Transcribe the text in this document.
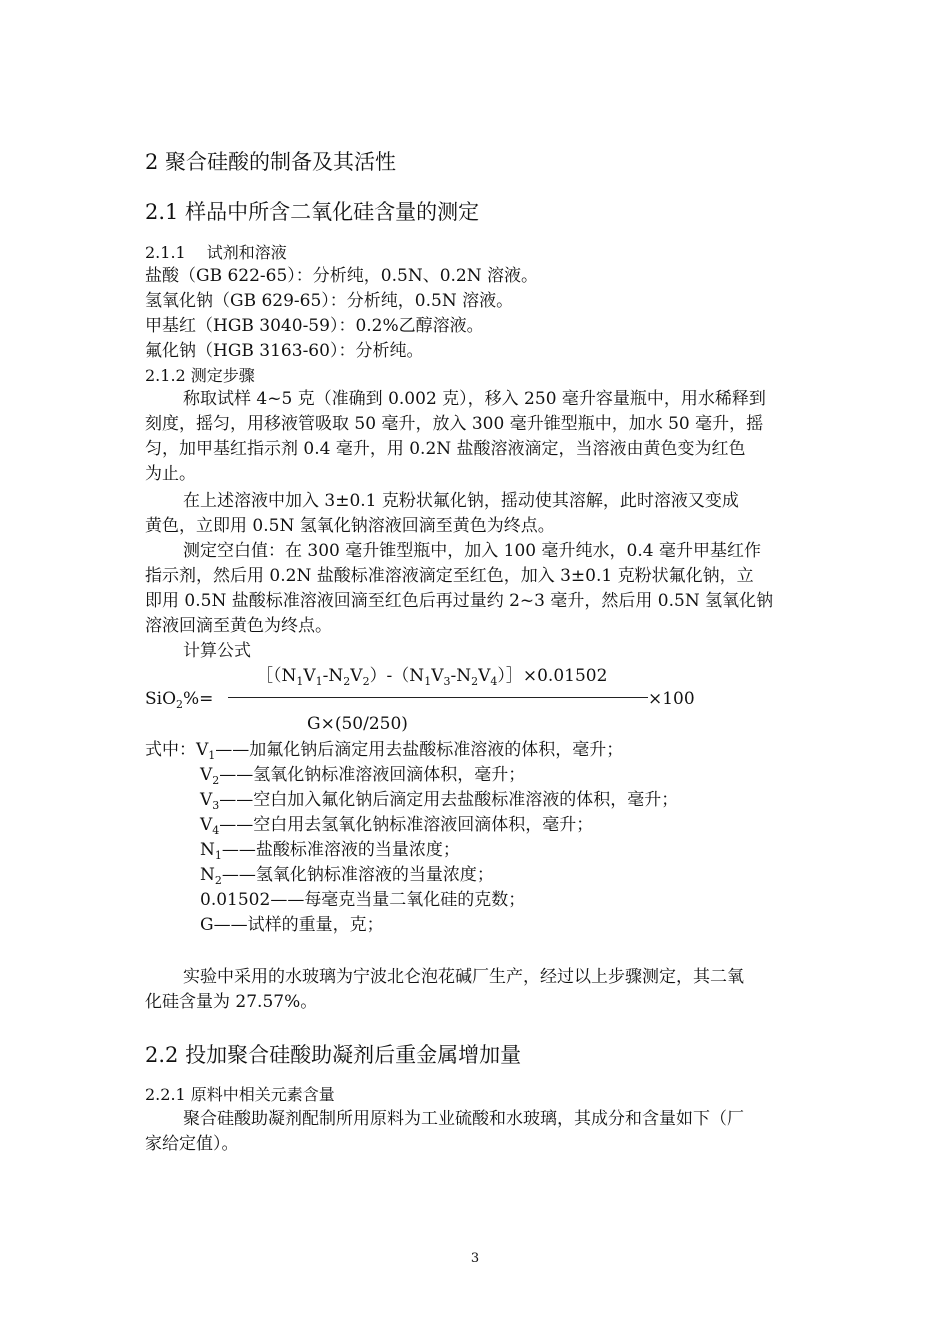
2 聚合硅酸的制备及其活性
2.1 样品中所含二氧化硅含量的测定
2.1.1　 试剂和溶液
盐酸（GB 622-65）：分析纯，0.5N、0.2N 溶液。
氢氧化钠（GB 629-65）：分析纯，0.5N 溶液。
甲基红（HGB 3040-59）：0.2%乙醇溶液。
氟化钠（HGB 3163-60）：分析纯。
2.1.2 测定步骤
称取试样 4~5 克（准确到 0.002 克），移入 250 毫升容量瓶中，用水稀释到
刻度，摇匀，用移液管吸取 50 毫升，放入 300 毫升锥型瓶中，加水 50 毫升，摇
匀，加甲基红指示剂 0.4 毫升，用 0.2N 盐酸溶液滴定，当溶液由黄色变为红色
为止。
在上述溶液中加入 3±0.1 克粉状氟化钠，摇动使其溶解，此时溶液又变成
黄色，立即用 0.5N 氢氧化钠溶液回滴至黄色为终点。
测定空白值：在 300 毫升锥型瓶中，加入 100 毫升纯水，0.4 毫升甲基红作
指示剂，然后用 0.2N 盐酸标准溶液滴定至红色，加入 3±0.1 克粉状氟化钠，立
即用 0.5N 盐酸标准溶液回滴至红色后再过量约 2~3 毫升，然后用 0.5N 氢氧化钠
溶液回滴至黄色为终点。
计算公式
$[(N_1V_1-N_2V_2)-(N_1V_3-N_2V_4)]\times 0.01502$
SiO$_2$%=	×100
G×(50/250)
式中：$V_1——$加氟化钠后滴定用去盐酸标准溶液的体积，毫升；
$V_2——$氢氧化钠标准溶液回滴体积，毫升；
$V_3——$空白加入氟化钠后滴定用去盐酸标准溶液的体积，毫升；
$V_4——$空白用去氢氧化钠标准溶液回滴体积，毫升；
$N_1——$盐酸标准溶液的当量浓度；
$N_2——$氢氧化钠标准溶液的当量浓度；
0.01502——每毫克当量二氧化硅的克数；
G——试样的重量，克；
实验中采用的水玻璃为宁波北仑泡花碱厂生产，经过以上步骤测定，其二氧
化硅含量为 27.57%。
2.2 投加聚合硅酸助凝剂后重金属增加量
2.2.1 原料中相关元素含量
聚合硅酸助凝剂配制所用原料为工业硫酸和水玻璃，其成分和含量如下（厂
家给定值）。
3
